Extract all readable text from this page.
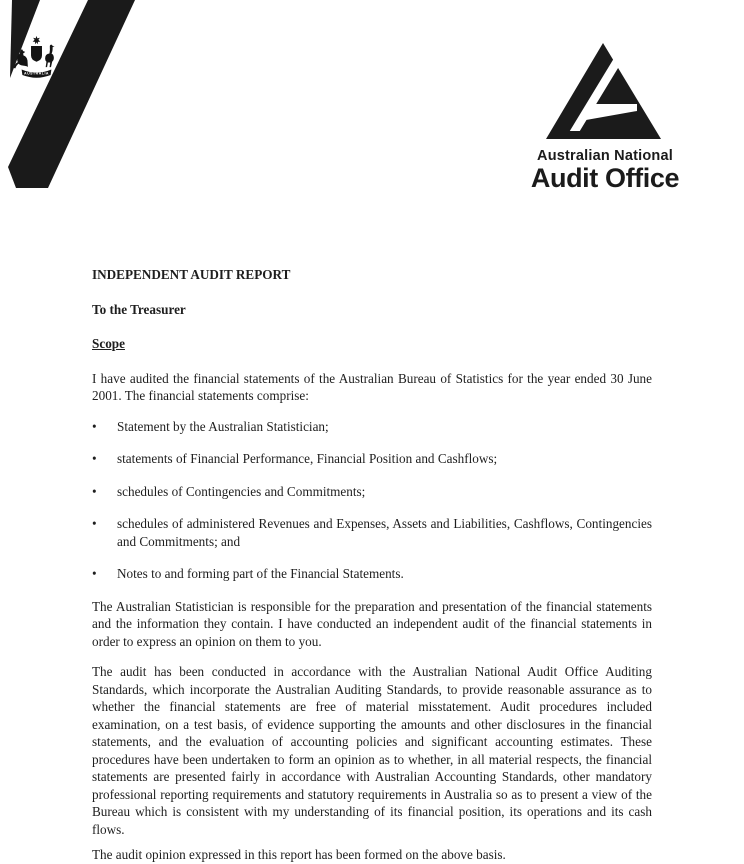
AUSTRALIA
Australian National
Audit Office
INDEPENDENT AUDIT REPORT
To the Treasurer
Scope

I have audited the financial statements of the Australian Bureau of Statistics for the year ended 30 June 2001. The financial statements comprise:

•	Statement by the Australian Statistician;
•	statements of Financial Performance, Financial Position and Cashflows;
•	schedules of Contingencies and Commitments;
•	schedules of administered Revenues and Expenses, Assets and Liabilities, Cashflows, Contingencies and Commitments; and
•	Notes to and forming part of the Financial Statements.

The Australian Statistician is responsible for the preparation and presentation of the financial statements and the information they contain. I have conducted an independent audit of the financial statements in order to express an opinion on them to you.

The audit has been conducted in accordance with the Australian National Audit Office Auditing Standards, which incorporate the Australian Auditing Standards, to provide reasonable assurance as to whether the financial statements are free of material misstatement. Audit procedures included examination, on a test basis, of evidence supporting the amounts and other disclosures in the financial statements, and the evaluation of accounting policies and significant accounting estimates. These procedures have been undertaken to form an opinion as to whether, in all material respects, the financial statements are presented fairly in accordance with Australian Accounting Standards, other mandatory professional reporting requirements and statutory requirements in Australia so as to present a view of the Bureau which is consistent with my understanding of its financial position, its operations and its cash flows.

The audit opinion expressed in this report has been formed on the above basis.
